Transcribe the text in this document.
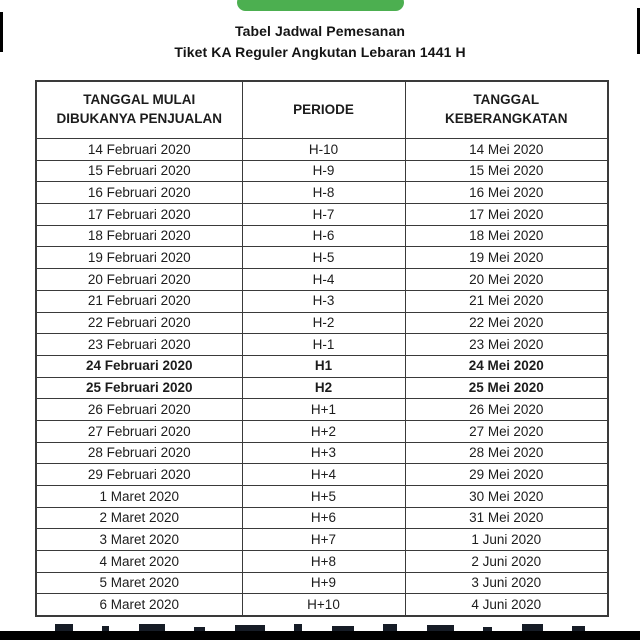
Tabel Jadwal Pemesanan
Tiket KA Reguler Angkutan Lebaran 1441 H
TANGGAL MULAI DIBUKANYA PENJUALAN	PERIODE	TANGGAL KEBERANGKATAN
14 Februari 2020	H-10	14 Mei 2020
15 Februari 2020	H-9	15 Mei 2020
16 Februari 2020	H-8	16 Mei 2020
17 Februari 2020	H-7	17 Mei 2020
18 Februari 2020	H-6	18 Mei 2020
19 Februari 2020	H-5	19 Mei 2020
20 Februari 2020	H-4	20 Mei 2020
21 Februari 2020	H-3	21 Mei 2020
22 Februari 2020	H-2	22 Mei 2020
23 Februari 2020	H-1	23 Mei 2020
24 Februari 2020	H1	24 Mei 2020
25 Februari 2020	H2	25 Mei 2020
26 Februari 2020	H+1	26 Mei 2020
27 Februari 2020	H+2	27 Mei 2020
28 Februari 2020	H+3	28 Mei 2020
29 Februari 2020	H+4	29 Mei 2020
1 Maret 2020	H+5	30 Mei 2020
2 Maret 2020	H+6	31 Mei 2020
3 Maret 2020	H+7	1 Juni 2020
4 Maret 2020	H+8	2 Juni 2020
5 Maret 2020	H+9	3 Juni 2020
6 Maret 2020	H+10	4 Juni 2020
